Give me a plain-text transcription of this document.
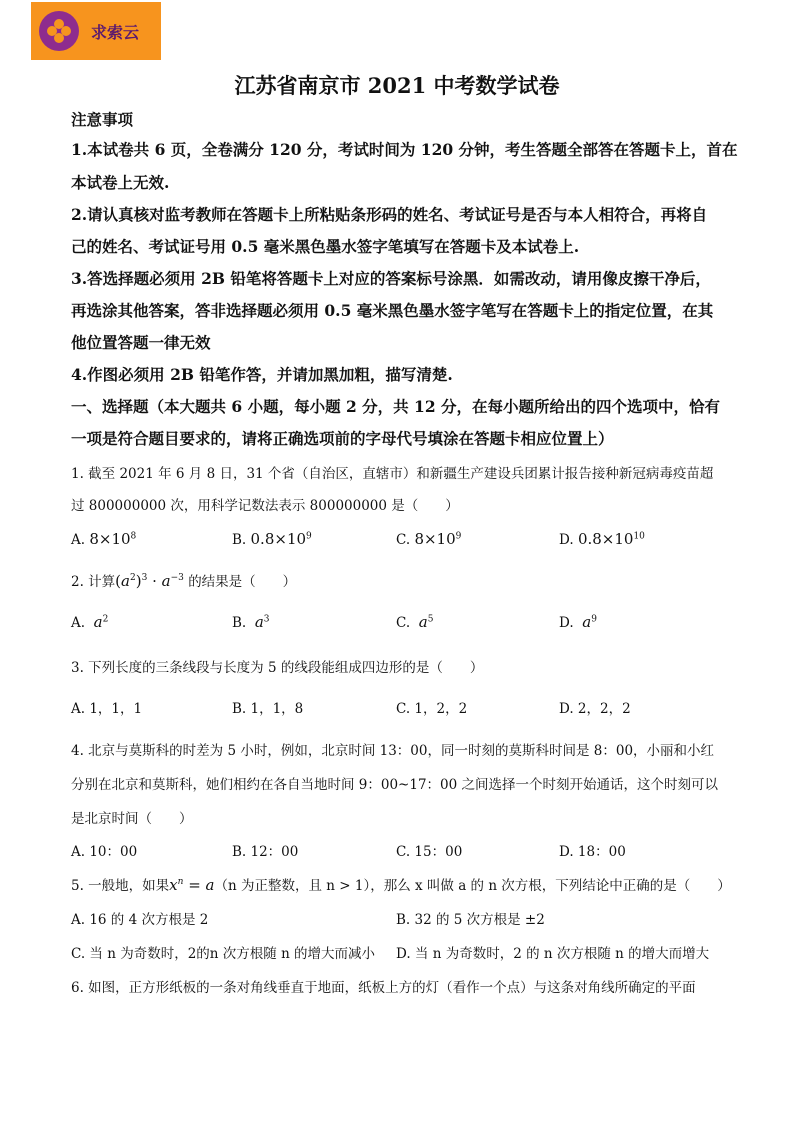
求索云
江苏省南京市 2021 中考数学试卷
注意事项
1.本试卷共 6 页，全卷满分 120 分，考试时间为 120 分钟，考生答题全部答在答题卡上，首在
本试卷上无效.
2.请认真核对监考教师在答题卡上所粘贴条形码的姓名、考试证号是否与本人相符合，再将自
己的姓名、考试证号用 0.5 毫米黑色墨水签字笔填写在答题卡及本试卷上.
3.答选择题必须用 2B 铅笔将答题卡上对应的答案标号涂黑．如需改动，请用像皮擦干净后，
再选涂其他答案，答非选择题必须用 0.5 毫米黑色墨水签字笔写在答题卡上的指定位置，在其
他位置答题一律无效
4.作图必须用 2B 铅笔作答，并请加黑加粗，描写清楚.
一、选择题（本大题共 6 小题，每小题 2 分，共 12 分，在每小题所给出的四个选项中，恰有
一项是符合题目要求的，请将正确选项前的字母代号填涂在答题卡相应位置上）
1. 截至 2021 年 6 月 8 日，31 个省（自治区，直辖市）和新疆生产建设兵团累计报告接种新冠病毒疫苗超
过 800000000 次，用科学记数法表示 800000000 是（　　）
A. $8\times 10^8$	B. $0.8\times 10^9$	C. $8\times 10^9$	D. $0.8\times 10^{10}$
2. 计算$(a^2)^3 \cdot a^{-3}$ 的结果是（　　）
A. $a^2$	B. $a^3$	C. $a^5$	D. $a^9$
3. 下列长度的三条线段与长度为 5 的线段能组成四边形的是（　　）
A. 1，1，1	B. 1，1，8	C. 1，2，2	D. 2，2，2
4. 北京与莫斯科的时差为 5 小时，例如，北京时间 13：00，同一时刻的莫斯科时间是 8：00，小丽和小红
分别在北京和莫斯科，她们相约在各自当地时间 9：00~17：00 之间选择一个时刻开始通话，这个时刻可以
是北京时间（　　）
A. 10：00	B. 12：00	C. 15：00	D. 18：00
5. 一般地，如果$x^n = a(n$ 为正整数，且 n > 1），那么 x 叫做 a 的 n 次方根，下列结论中正确的是（　　）
A. 16 的 4 次方根是 2	B. 32 的 5 次方根是 ±2
C. 当 n 为奇数时，2的n 次方根随 n 的增大而减小 D. 当 n 为奇数时，2 的 n 次方根随 n 的增大而增大
6. 如图，正方形纸板的一条对角线垂直于地面，纸板上方的灯（看作一个点）与这条对角线所确定的平面
